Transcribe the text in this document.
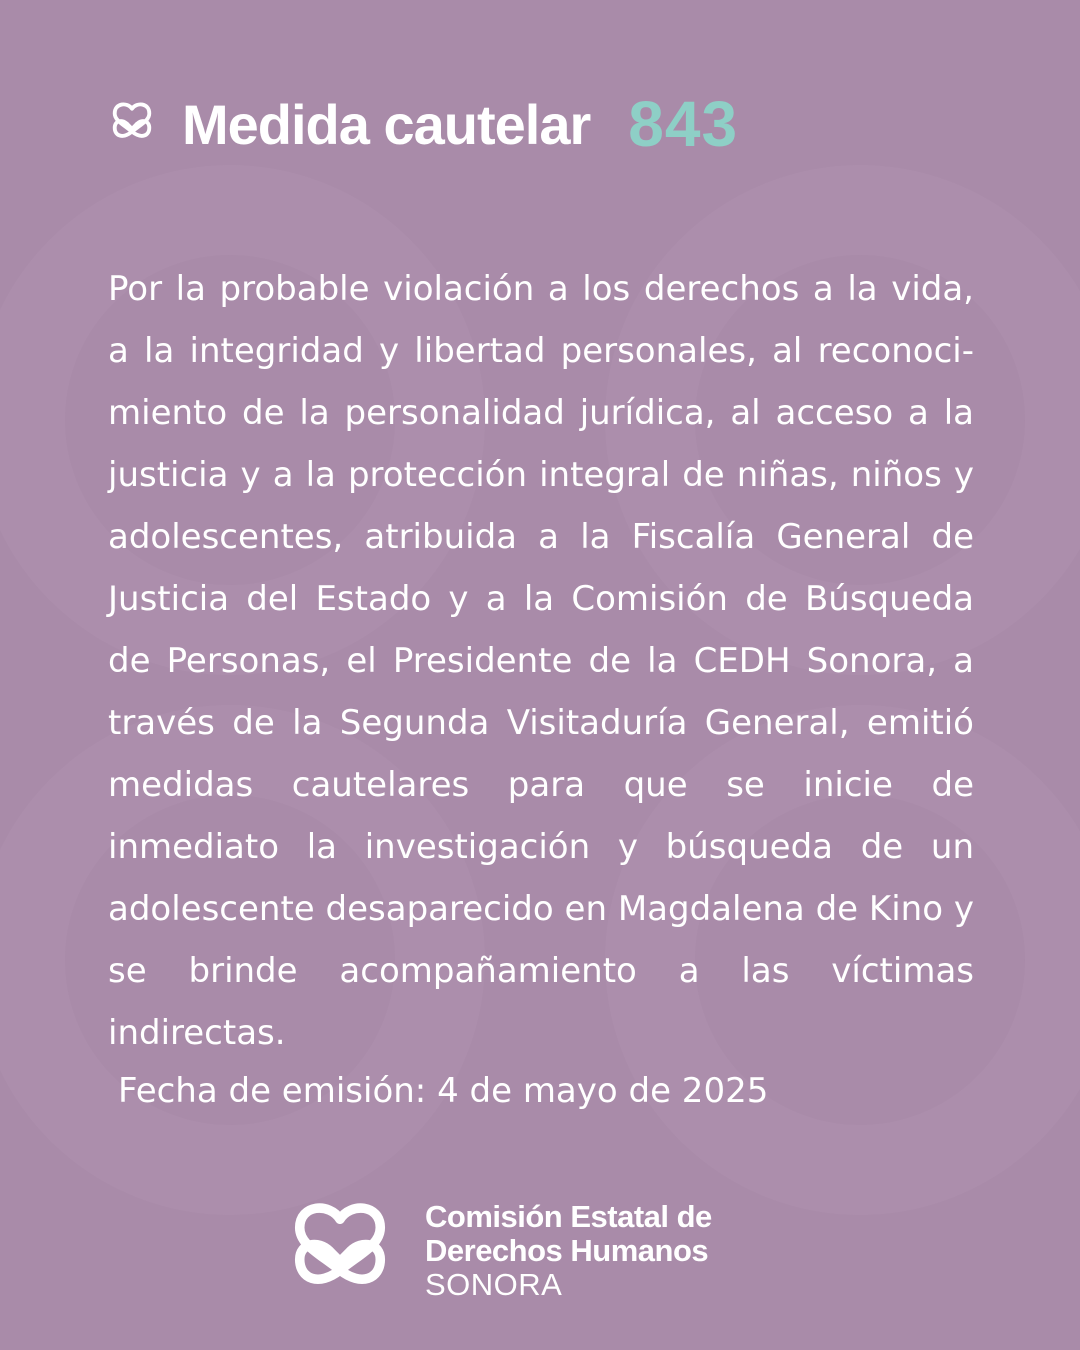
Medida cautelar 843

Por la probable violación a los derechos a la vida, a la integridad y libertad personales, al reconocimiento de la personalidad jurídica, al acceso a la justicia y a la protección integral de niñas, niños y adolescentes, atribuida a la Fiscalía General de Justicia del Estado y a la Comisión de Búsqueda de Personas, el Presidente de la CEDH Sonora, a través de la Segunda Visitaduría General, emitió medidas cautelares para que se inicie de inmediato la investigación y búsqueda de un adolescente desaparecido en Magdalena de Kino y se brinde acompañamiento a las víctimas indirectas.

Fecha de emisión: 4 de mayo de 2025

Comisión Estatal de
Derechos Humanos
SONORA
